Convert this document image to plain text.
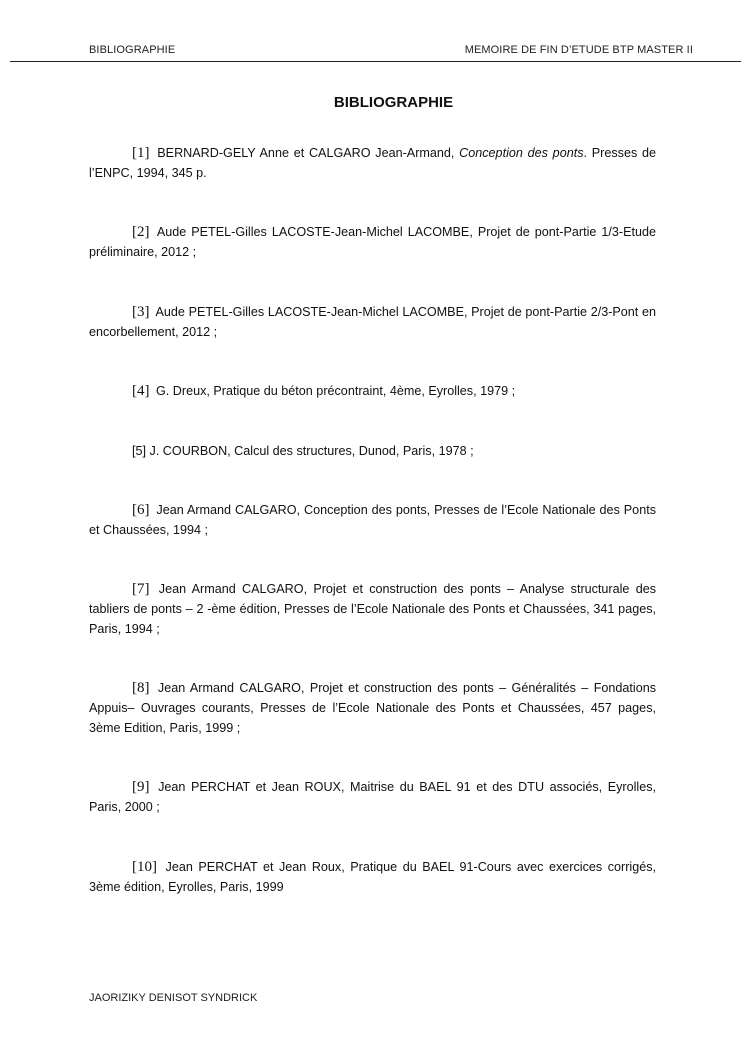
BIBLIOGRAPHIE	MEMOIRE DE FIN D’ETUDE BTP MASTER II
BIBLIOGRAPHIE
[1] BERNARD-GELY Anne et CALGARO Jean-Armand, Conception des ponts. Presses de l’ENPC, 1994, 345 p.
[2] Aude PETEL-Gilles LACOSTE-Jean-Michel LACOMBE, Projet de pont-Partie 1/3-Etude préliminaire, 2012 ;
[3] Aude PETEL-Gilles LACOSTE-Jean-Michel LACOMBE, Projet de pont-Partie 2/3-Pont en encorbellement, 2012 ;
[4] G. Dreux, Pratique du béton précontraint, 4ème, Eyrolles, 1979 ;
[5] J. COURBON, Calcul des structures, Dunod, Paris, 1978 ;
[6] Jean Armand CALGARO, Conception des ponts, Presses de l’Ecole Nationale des Ponts et Chaussées, 1994 ;
[7] Jean Armand CALGARO, Projet et construction des ponts – Analyse structurale des tabliers de ponts – 2 -ème édition, Presses de l’Ecole Nationale des Ponts et Chaussées, 341 pages, Paris, 1994 ;
[8] Jean Armand CALGARO, Projet et construction des ponts – Généralités – Fondations Appuis– Ouvrages courants, Presses de l’Ecole Nationale des Ponts et Chaussées, 457 pages, 3ème Edition, Paris, 1999 ;
[9] Jean PERCHAT et Jean ROUX, Maitrise du BAEL 91 et des DTU associés, Eyrolles, Paris, 2000 ;
[10] Jean PERCHAT et Jean Roux, Pratique du BAEL 91-Cours avec exercices corrigés, 3ème édition, Eyrolles, Paris, 1999
JAORIZIKY DENISOT SYNDRICK
